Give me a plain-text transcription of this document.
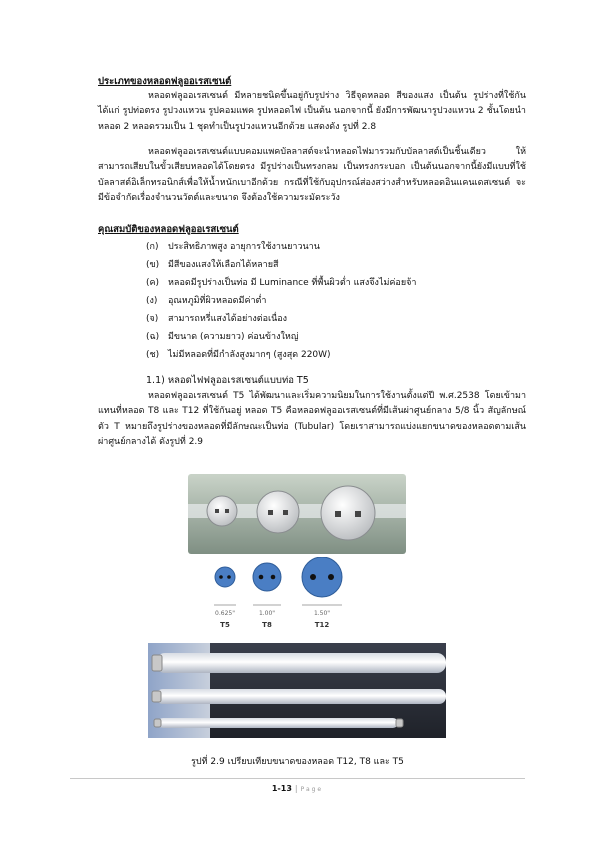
ประเภทของหลอดฟลูออเรสเซนต์
หลอดฟลูออเรสเซนต์ มีหลายชนิดขึ้นอยู่กับรูปร่าง วิธีจุดหลอด สีของแสง เป็นต้น รูปร่างที่ใช้กัน ได้แก่ รูปท่อตรง รูปวงแหวน รูปคอมแพค รูปหลอดไฟ เป็นต้น นอกจากนี้ ยังมีการพัฒนารูปวงแหวน 2 ชั้นโดยนำหลอด 2 หลอดรวมเป็น 1 ชุดทำเป็นรูปวงแหวนอีกด้วย แสดงดัง รูปที่ 2.8
หลอดฟลูออเรสเซนต์แบบคอมแพคบัลลาสต์จะนำหลอดไฟมารวมกับบัลลาสต์เป็นชิ้นเดียว ให้สามารถเสียบในขั้วเสียบหลอดได้โดยตรง มีรูปร่างเป็นทรงกลม เป็นทรงกระบอก เป็นต้นนอกจากนี้ยังมีแบบที่ใช้บัลลาสต์อิเล็กทรอนิกส์เพื่อให้น้ำหนักเบาอีกด้วย กรณีที่ใช้กับอุปกรณ์ส่องสว่างสำหรับหลอดอินแคนเดสเซนต์ จะมีข้อจำกัดเรื่องจำนวนวัตต์และขนาด จึงต้องใช้ความระมัดระวัง
คุณสมบัติของหลอดฟลูออเรสเซนต์
(ก) ประสิทธิภาพสูง อายุการใช้งานยาวนาน
(ข) มีสีของแสงให้เลือกได้หลายสี
(ค) หลอดมีรูปร่างเป็นท่อ มี Luminance ที่พื้นผิวต่ำ แสงจึงไม่ค่อยจ้า
(ง) อุณหภูมิที่ผิวหลอดมีค่าต่ำ
(จ) สามารถหรี่แสงได้อย่างต่อเนื่อง
(ฉ) มีขนาด (ความยาว) ค่อนข้างใหญ่
(ช) ไม่มีหลอดที่มีกำลังสูงมากๆ (สูงสุด 220W)
1.1) หลอดไฟฟลูออเรสเซนต์แบบท่อ T5
หลอดฟลูออเรสเซนต์ T5 ได้พัฒนาและเริ่มความนิยมในการใช้งานตั้งแต่ปี พ.ศ.2538 โดยเข้ามาแทนที่หลอด T8 และ T12 ที่ใช้กันอยู่ หลอด T5 คือหลอดฟลูออเรสเซนต์ที่มีเส้นผ่าศูนย์กลาง 5/8 นิ้ว สัญลักษณ์ตัว T หมายถึงรูปร่างของหลอดที่มีลักษณะเป็นท่อ (Tubular) โดยเราสามารถแบ่งแยกขนาดของหลอดตามเส้นผ่าศูนย์กลางได้ ดังรูปที่ 2.9
0.625"	1.00"	1.50"
T5	T8	T12
รูปที่ 2.9 เปรียบเทียบขนาดของหลอด T12, T8 และ T5
1-13 | Page
